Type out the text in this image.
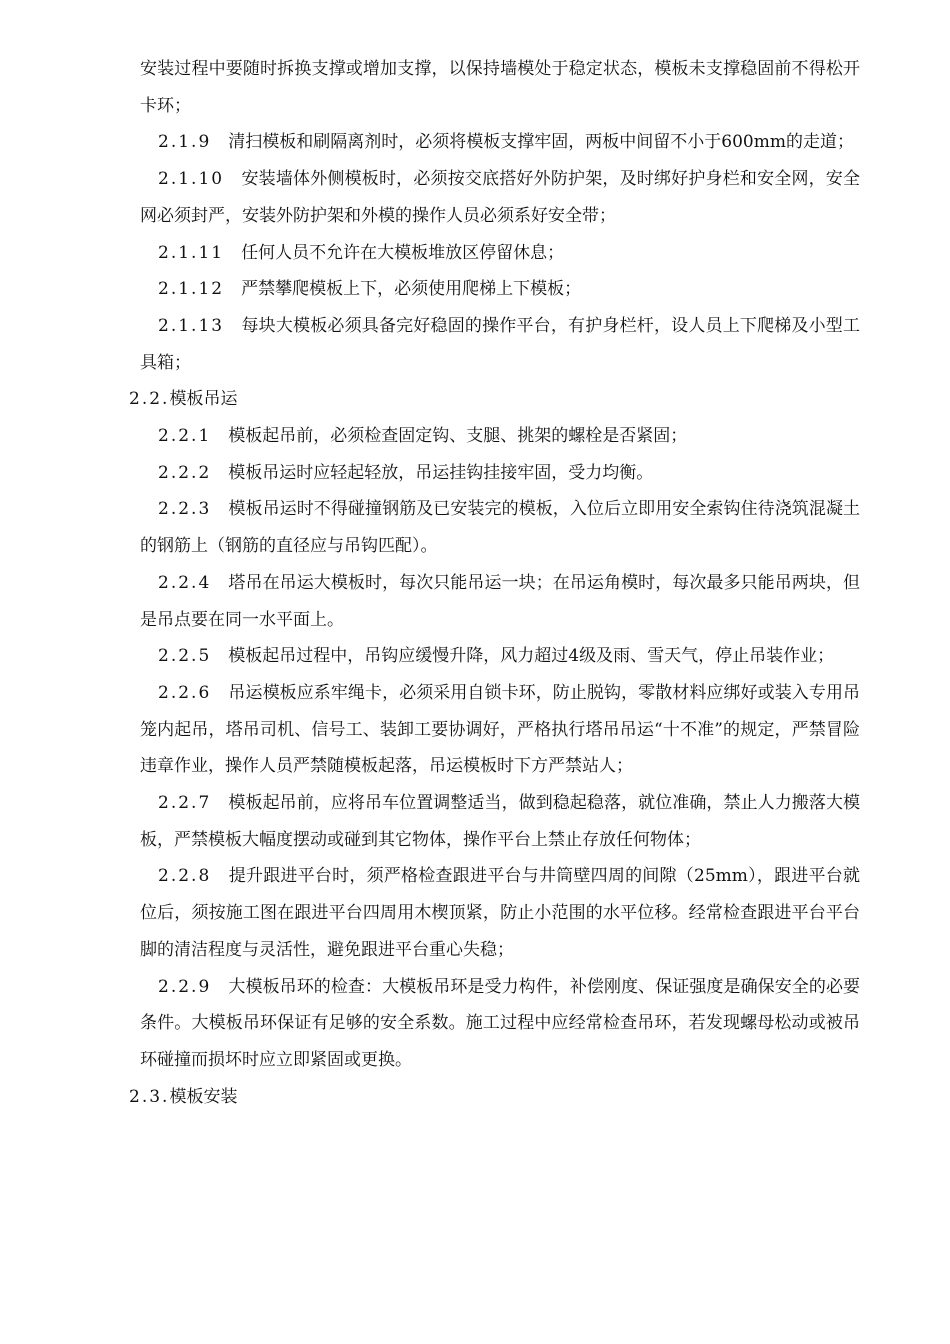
安装过程中要随时拆换支撑或增加支撑，以保持墙模处于稳定状态，模板未支撑稳固前不得松开卡环；

2.1.9　 清扫模板和刷隔离剂时，必须将模板支撑牢固，两板中间留不小于600mm的走道；

2.1.10　 安装墙体外侧模板时，必须按交底搭好外防护架，及时绑好护身栏和安全网，安全网必须封严，安装外防护架和外模的操作人员必须系好安全带；

2.1.11　 任何人员不允许在大模板堆放区停留休息；

2.1.12　 严禁攀爬模板上下，必须使用爬梯上下模板；

2.1.13　 每块大模板必须具备完好稳固的操作平台，有护身栏杆，设人员上下爬梯及小型工具箱；

2.2.模板吊运

2.2.1　 模板起吊前，必须检查固定钩、支腿、挑架的螺栓是否紧固；

2.2.2　 模板吊运时应轻起轻放，吊运挂钩挂接牢固，受力均衡。

2.2.3　 模板吊运时不得碰撞钢筋及已安装完的模板，入位后立即用安全索钩住待浇筑混凝土的钢筋上（钢筋的直径应与吊钩匹配）。

2.2.4　 塔吊在吊运大模板时，每次只能吊运一块；在吊运角模时，每次最多只能吊两块，但是吊点要在同一水平面上。

2.2.5　 模板起吊过程中，吊钩应缓慢升降，风力超过4级及雨、雪天气，停止吊装作业；

2.2.6　 吊运模板应系牢绳卡，必须采用自锁卡环，防止脱钩，零散材料应绑好或装入专用吊笼内起吊，塔吊司机、信号工、装卸工要协调好，严格执行塔吊吊运“十不准”的规定，严禁冒险违章作业，操作人员严禁随模板起落，吊运模板时下方严禁站人；

2.2.7　 模板起吊前，应将吊车位置调整适当，做到稳起稳落，就位准确，禁止人力搬落大模板，严禁模板大幅度摆动或碰到其它物体，操作平台上禁止存放任何物体；

2.2.8　 提升跟进平台时，须严格检查跟进平台与井筒壁四周的间隙（25mm），跟进平台就位后，须按施工图在跟进平台四周用木楔顶紧，防止小范围的水平位移。经常检查跟进平台平台脚的清洁程度与灵活性，避免跟进平台重心失稳；

2.2.9　 大模板吊环的检查：大模板吊环是受力构件，补偿刚度、保证强度是确保安全的必要条件。大模板吊环保证有足够的安全系数。施工过程中应经常检查吊环，若发现螺母松动或被吊环碰撞而损坏时应立即紧固或更换。

2.3.模板安装
